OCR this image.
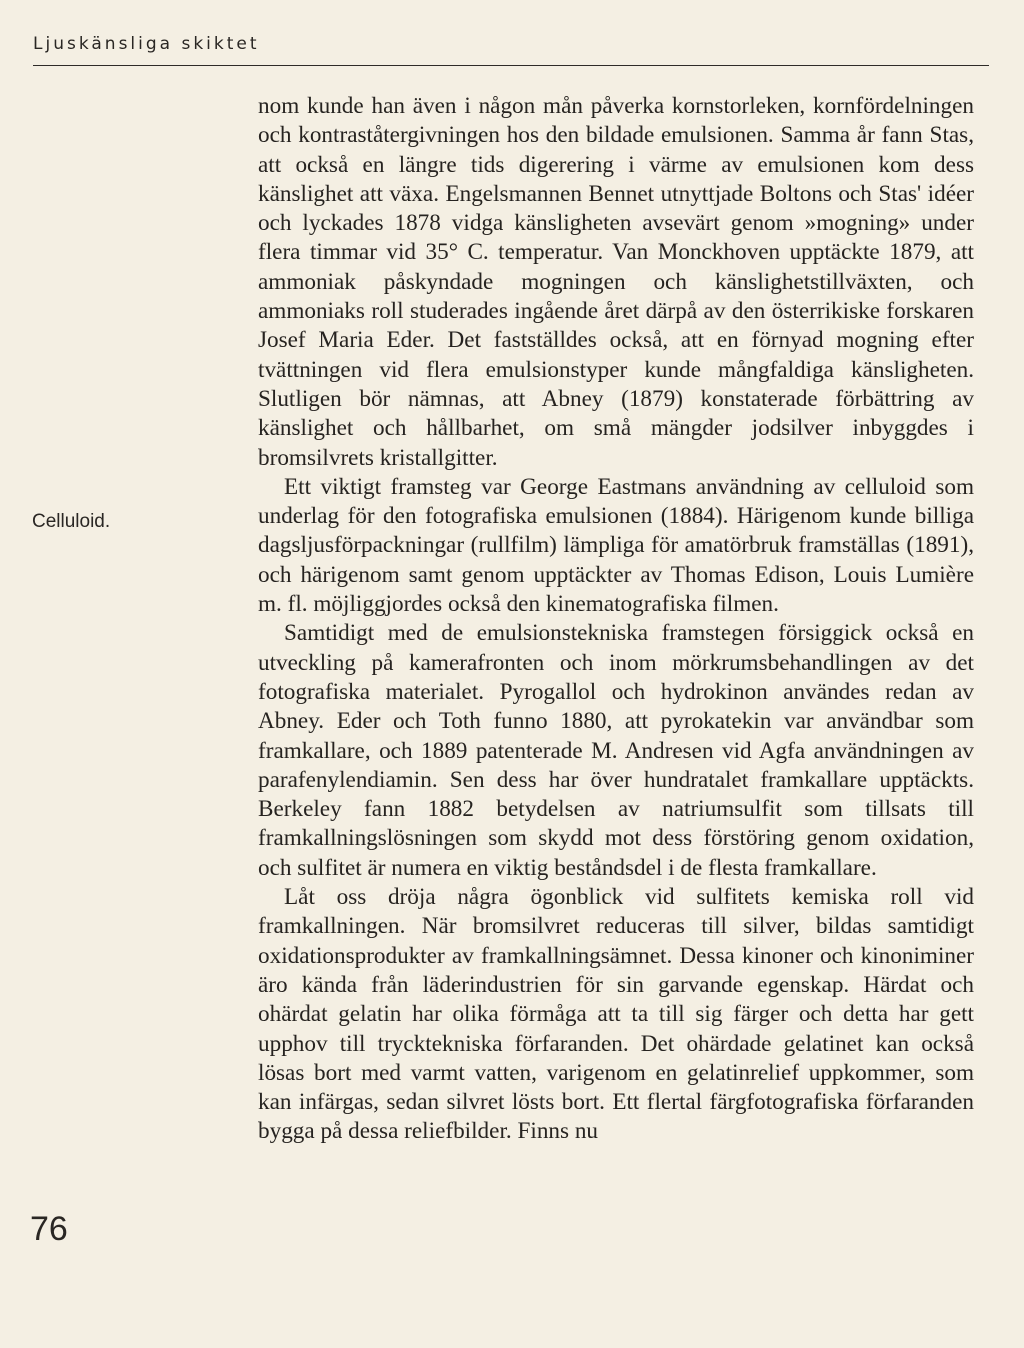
Ljuskänsliga skiktet
Celluloid.
76

nom kunde han även i någon mån påverka kornstorleken, kornfördelningen och kontraståtergivningen hos den bildade emulsionen. Samma år fann Stas, att också en längre tids digerering i värme av emulsionen kom dess känslighet att växa. Engelsmannen Bennet utnyttjade Boltons och Stas' idéer och lyckades 1878 vidga känsligheten avsevärt genom »mogning» under flera timmar vid 35° C. temperatur. Van Monckhoven upptäckte 1879, att ammoniak påskyndade mogningen och känslighetstillväxten, och ammoniaks roll studerades ingående året därpå av den österrikiske forskaren Josef Maria Eder. Det fastställdes också, att en förnyad mogning efter tvättningen vid flera emulsionstyper kunde mångfaldiga känsligheten. Slutligen bör nämnas, att Abney (1879) konstaterade förbättring av känslighet och hållbarhet, om små mängder jodsilver inbyggdes i bromsilvrets kristallgitter.

Ett viktigt framsteg var George Eastmans användning av celluloid som underlag för den fotografiska emulsionen (1884). Härigenom kunde billiga dagsljusförpackningar (rullfilm) lämpliga för amatörbruk framställas (1891), och härigenom samt genom upptäckter av Thomas Edison, Louis Lumière m. fl. möjliggjordes också den kinematografiska filmen.

Samtidigt med de emulsionstekniska framstegen försiggick också en utveckling på kamerafronten och inom mörkrumsbehandlingen av det fotografiska materialet. Pyrogallol och hydrokinon användes redan av Abney. Eder och Toth funno 1880, att pyrokatekin var användbar som framkallare, och 1889 patenterade M. Andresen vid Agfa användningen av parafenylendiamin. Sen dess har över hundratalet framkallare upptäckts. Berkeley fann 1882 betydelsen av natriumsulfit som tillsats till framkallningslösningen som skydd mot dess förstöring genom oxidation, och sulfitet är numera en viktig beståndsdel i de flesta framkallare.

Låt oss dröja några ögonblick vid sulfitets kemiska roll vid framkallningen. När bromsilvret reduceras till silver, bildas samtidigt oxidationsprodukter av framkallningsämnet. Dessa kinoner och kinoniminer äro kända från läderindustrien för sin garvande egenskap. Härdat och ohärdat gelatin har olika förmåga att ta till sig färger och detta har gett upphov till trycktekniska förfaranden. Det ohärdade gelatinet kan också lösas bort med varmt vatten, varigenom en gelatinrelief uppkommer, som kan infärgas, sedan silvret lösts bort. Ett flertal färgfotografiska förfaranden bygga på dessa reliefbilder. Finns nu
